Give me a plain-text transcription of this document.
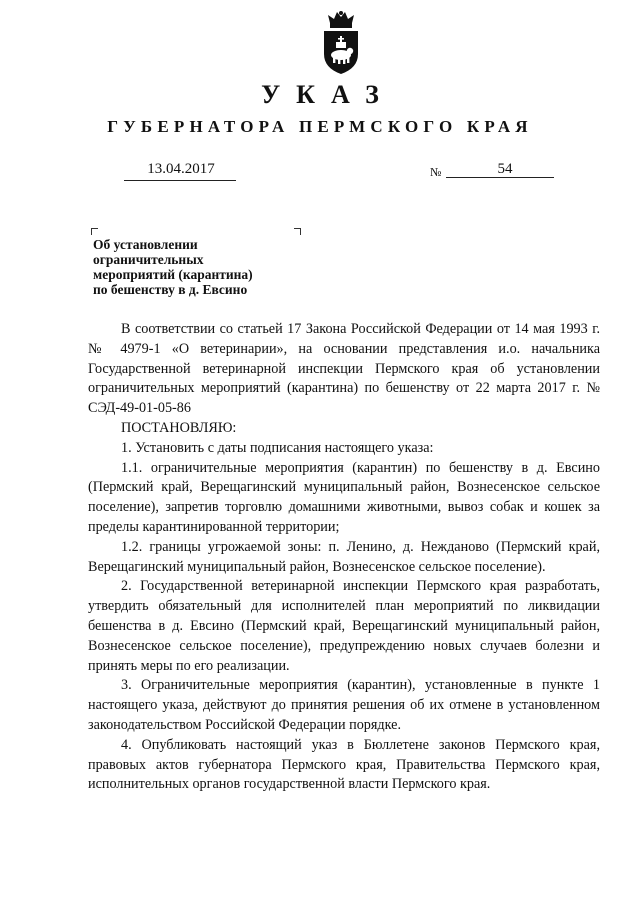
УКАЗ
ГУБЕРНАТОРА ПЕРМСКОГО КРАЯ
13.04.2017	№	54
Об установлении
ограничительных
мероприятий (карантина)
по бешенству в д. Евсино

В соответствии со статьей 17 Закона Российской Федерации от 14 мая 1993 г. № 4979-1 «О ветеринарии», на основании представления и.о. начальника Государственной ветеринарной инспекции Пермского края об установлении ограничительных мероприятий (карантина) по бешенству от 22 марта 2017 г. № СЭД-49-01-05-86

ПОСТАНОВЛЯЮ:

1. Установить с даты подписания настоящего указа:

1.1. ограничительные мероприятия (карантин) по бешенству в д. Евсино (Пермский край, Верещагинский муниципальный район, Вознесенское сельское поселение), запретив торговлю домашними животными, вывоз собак и кошек за пределы карантинированной территории;

1.2. границы угрожаемой зоны: п. Ленино, д. Нежданово (Пермский край, Верещагинский муниципальный район, Вознесенское сельское поселение).

2. Государственной ветеринарной инспекции Пермского края разработать, утвердить обязательный для исполнителей план мероприятий по ликвидации бешенства в д. Евсино (Пермский край, Верещагинский муниципальный район, Вознесенское сельское поселение), предупреждению новых случаев болезни и принять меры по его реализации.

3. Ограничительные мероприятия (карантин), установленные в пункте 1 настоящего указа, действуют до принятия решения об их отмене в установленном законодательством Российской Федерации порядке.

4. Опубликовать настоящий указ в Бюллетене законов Пермского края, правовых актов губернатора Пермского края, Правительства Пермского края, исполнительных органов государственной власти Пермского края.
